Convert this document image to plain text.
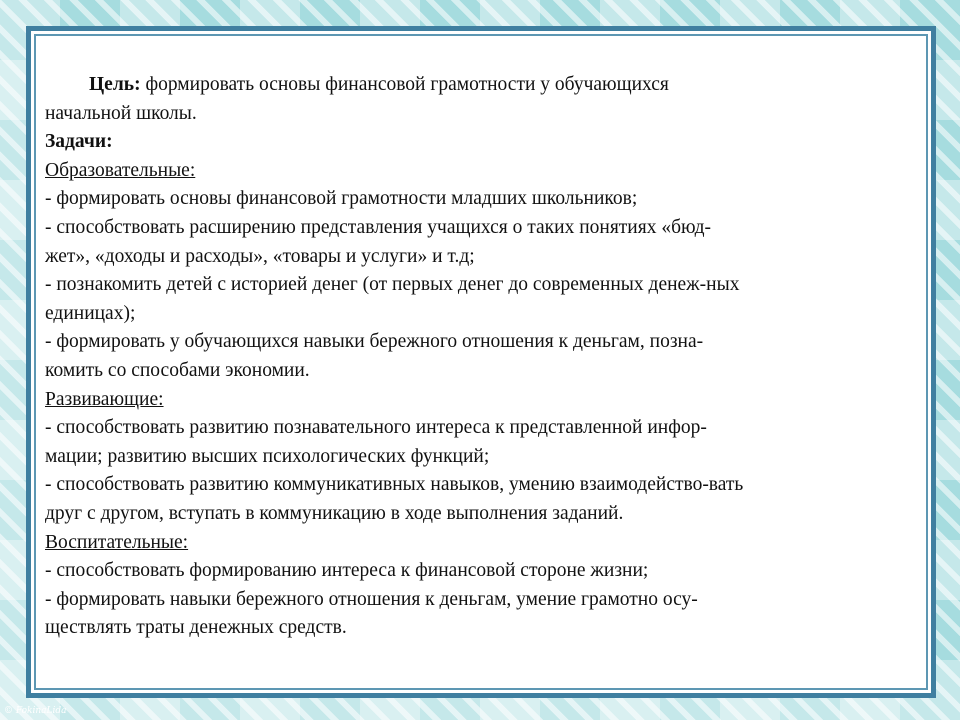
Цель: формировать основы финансовой грамотности у обучающихся
начальной школы.
Задачи:
Образовательные:
- формировать основы финансовой грамотности младших школьников;
- способствовать расширению представления учащихся о таких понятиях «бюд-
жет», «доходы и расходы», «товары и услуги» и т.д;
- познакомить детей с историей денег (от первых денег до современных денеж-ных
единицах);
- формировать у обучающихся навыки бережного отношения к деньгам, позна-
комить со способами экономии.
Развивающие:
- способствовать развитию познавательного интереса к представленной инфор-
мации; развитию высших психологических функций;
- способствовать развитию коммуникативных навыков, умению взаимодейство-вать
друг с другом, вступать в коммуникацию в ходе выполнения заданий.
Воспитательные:
- способствовать формированию интереса к финансовой стороне жизни;
- формировать навыки бережного отношения к деньгам, умение грамотно осу-
ществлять траты денежных средств.
© FokinaLida
